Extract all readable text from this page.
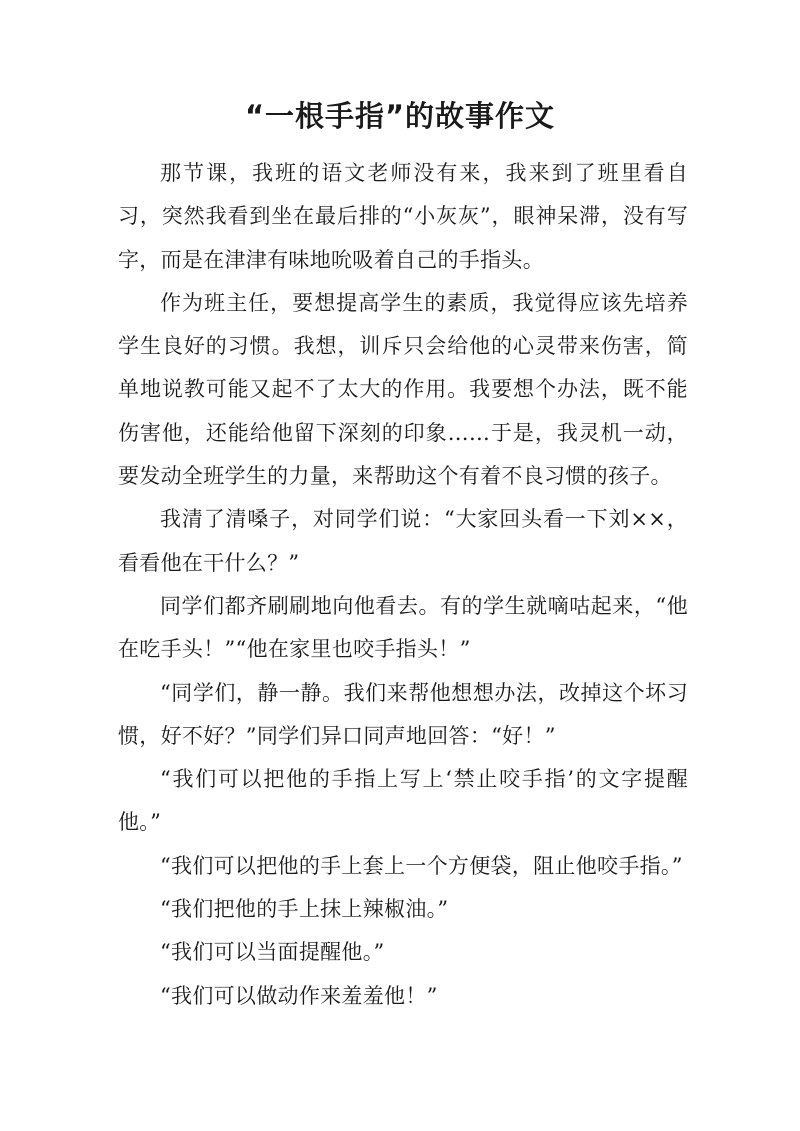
“一根手指”的故事作文

那节课，我班的语文老师没有来，我来到了班里看自习，突然我看到坐在最后排的“小灰灰”，眼神呆滞，没有写字，而是在津津有味地吮吸着自己的手指头。

作为班主任，要想提高学生的素质，我觉得应该先培养学生良好的习惯。我想，训斥只会给他的心灵带来伤害，简单地说教可能又起不了太大的作用。我要想个办法，既不能伤害他，还能给他留下深刻的印象……于是，我灵机一动，要发动全班学生的力量，来帮助这个有着不良习惯的孩子。

我清了清嗓子，对同学们说：“大家回头看一下刘××，看看他在干什么？”

同学们都齐刷刷地向他看去。有的学生就嘀咕起来，“他在吃手头！”“他在家里也咬手指头！”

“同学们，静一静。我们来帮他想想办法，改掉这个坏习惯，好不好？”同学们异口同声地回答：“好！”

“我们可以把他的手指上写上‘禁止咬手指’的文字提醒他。”

“我们可以把他的手上套上一个方便袋，阻止他咬手指。”

“我们把他的手上抹上辣椒油。”

“我们可以当面提醒他。”

“我们可以做动作来羞羞他！”
